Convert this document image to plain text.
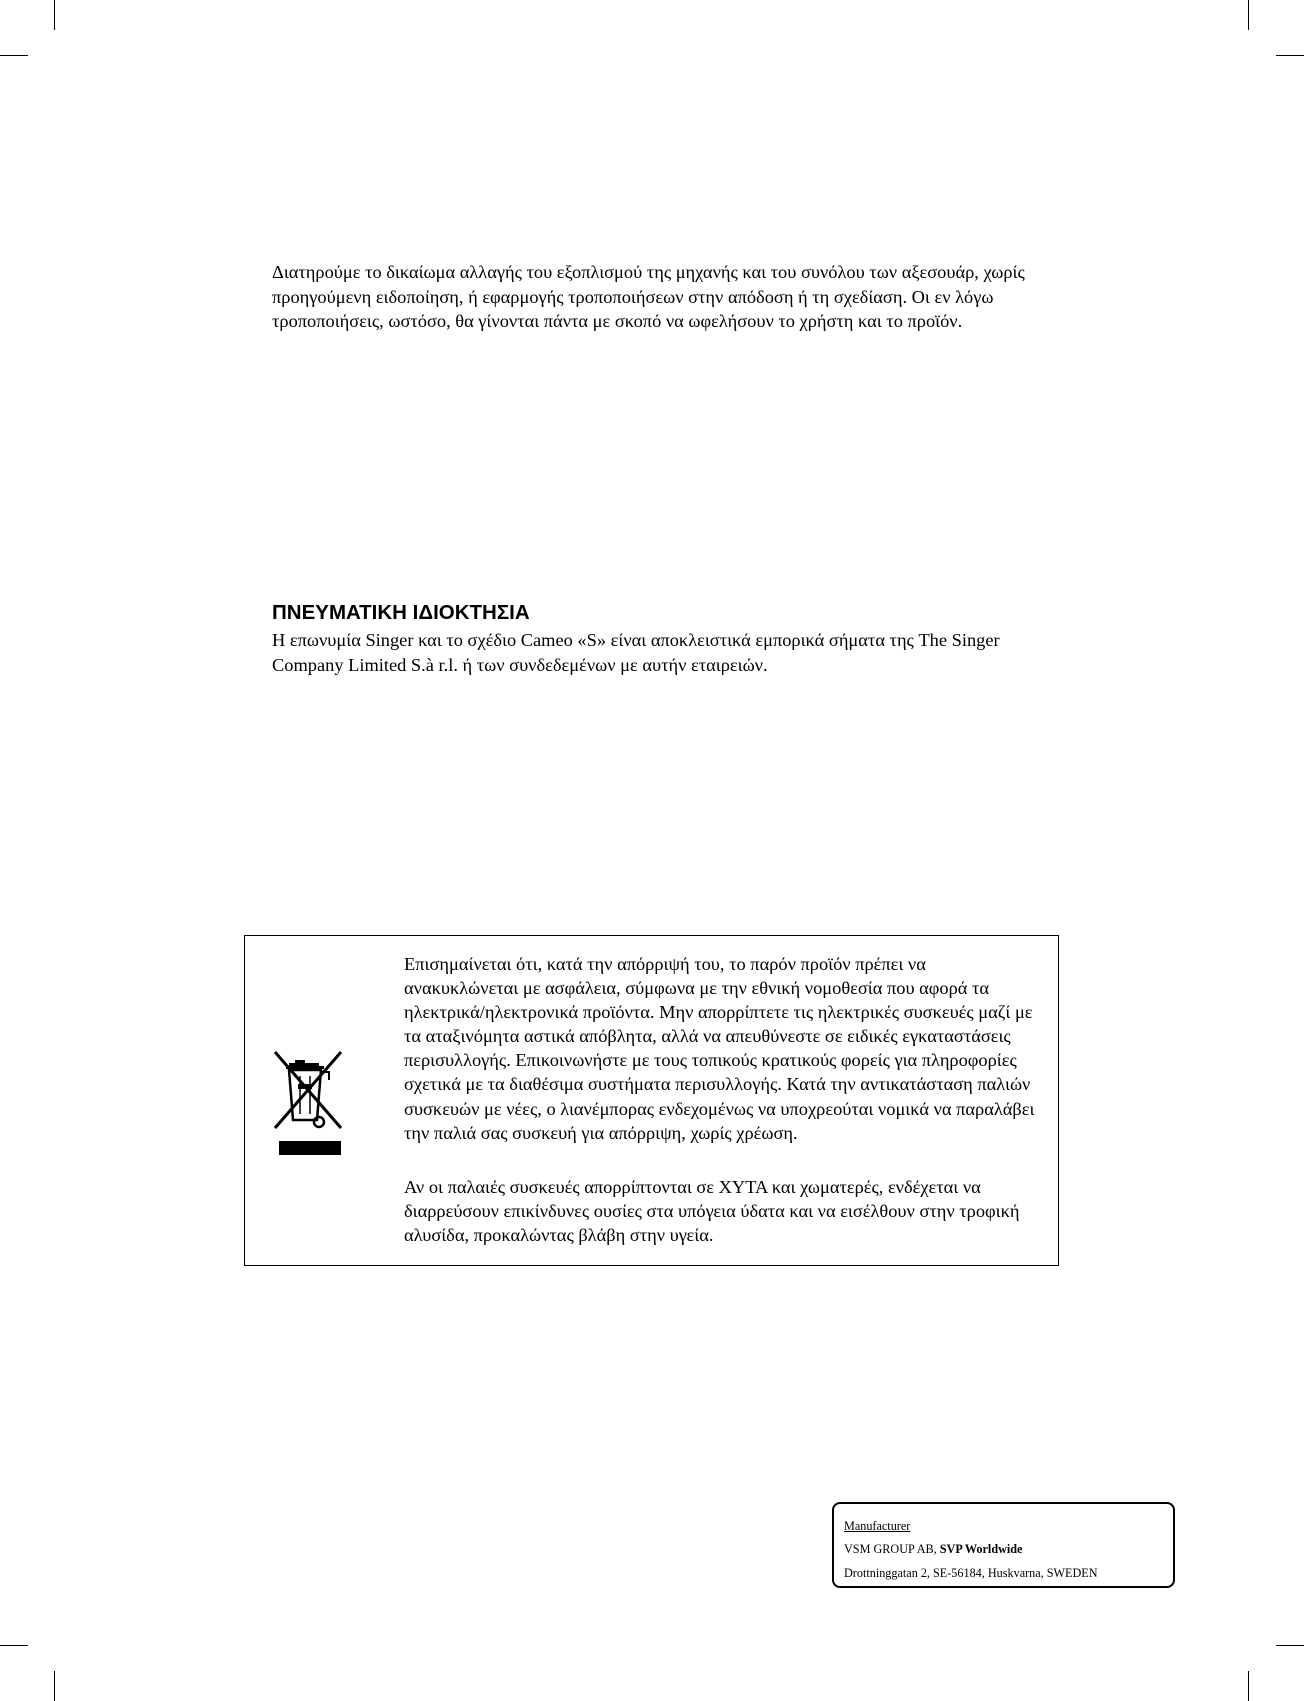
Διατηρούμε το δικαίωμα αλλαγής του εξοπλισμού της μηχανής και του συνόλου των αξεσουάρ, χωρίς προηγούμενη ειδοποίηση, ή εφαρμογής τροποποιήσεων στην απόδοση ή τη σχεδίαση. Οι εν λόγω τροποποιήσεις, ωστόσο, θα γίνονται πάντα με σκοπό να ωφελήσουν το χρήστη και το προϊόν.

ΠΝΕΥΜΑΤΙΚΗ ΙΔΙΟΚΤΗΣΙΑ

Η επωνυμία Singer και το σχέδιο Cameo «S» είναι αποκλειστικά εμπορικά σήματα της The Singer Company Limited S.à r.l. ή των συνδεδεμένων με αυτήν εταιρειών.

Επισημαίνεται ότι, κατά την απόρριψή του, το παρόν προϊόν πρέπει να ανακυκλώνεται με ασφάλεια, σύμφωνα με την εθνική νομοθεσία που αφορά τα ηλεκτρικά/ηλεκτρονικά προϊόντα. Μην απορρίπτετε τις ηλεκτρικές συσκευές μαζί με τα αταξινόμητα αστικά απόβλητα, αλλά να απευθύνεστε σε ειδικές εγκαταστάσεις περισυλλογής. Επικοινωνήστε με τους τοπικούς κρατικούς φορείς για πληροφορίες σχετικά με τα διαθέσιμα συστήματα περισυλλογής. Κατά την αντικατάσταση παλιών συσκευών με νέες, ο λιανέμπορας ενδεχομένως να υποχρεούται νομικά να παραλάβει την παλιά σας συσκευή για απόρριψη, χωρίς χρέωση.

Αν οι παλαιές συσκευές απορρίπτονται σε ΧΥΤΑ και χωματερές, ενδέχεται να διαρρεύσουν επικίνδυνες ουσίες στα υπόγεια ύδατα και να εισέλθουν στην τροφική αλυσίδα, προκαλώντας βλάβη στην υγεία.

Manufacturer
VSM GROUP AB, SVP Worldwide
Drottninggatan 2, SE-56184, Huskvarna, SWEDEN
